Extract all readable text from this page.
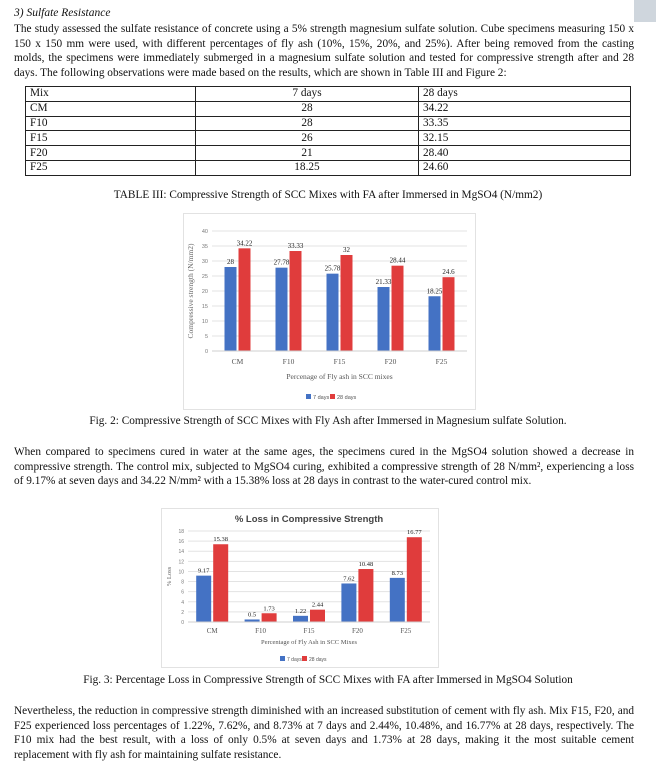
3) Sulfate Resistance
The study assessed the sulfate resistance of concrete using a 5% strength magnesium sulfate solution. Cube specimens measuring 150 x 150 x 150 mm were used, with different percentages of fly ash (10%, 15%, 20%, and 25%). After being removed from the casting molds, the specimens were immediately submerged in a magnesium sulfate solution and tested for compressive strength after and 28 days. The following observations were made based on the results, which are shown in Table III and Figure 2:
Mix	7 days	28 days
CM	28	34.22
F10	28	33.35
F15	26	32.15
F20	21	28.40
F25	18.25	24.60
TABLE III: Compressive Strength of SCC Mixes with FA after Immersed in MgSO4 (N/mm2)
0
5
10
15
20
25
30
35
40
Compressive strength (N/mm2)	28
34.22
CM
27.78
33.33
F10
25.78
32
F15
21.33
28.44
F20
18.25
24.6
F25
Percenage of Fly ash in SCC mixes
7 days 28 days
Fig. 2: Compressive Strength of SCC Mixes with Fly Ash after Immersed in Magnesium sulfate Solution.
When compared to specimens cured in water at the same ages, the specimens cured in the MgSO4 solution showed a decrease in compressive strength. The control mix, subjected to MgSO4 curing, exhibited a compressive strength of 28 N/mm², experiencing a loss of 9.17% at seven days and 34.22 N/mm² with a 15.38% loss at 28 days in contrast to the water-cured control mix.
% Loss in Compressive Strength
0
2
4
6
8
10
12
14
16
18
% Loss	9.17
15.38
CM
0.5
1.73
F10
1.22
2.44
F15
7.62
10.48
F20
8.73
16.77
F25
Percentage of Fly Ash in SCC Mixes
7 days 28 days
Fig. 3: Percentage Loss in Compressive Strength of SCC Mixes with FA after Immersed in MgSO4 Solution
Nevertheless, the reduction in compressive strength diminished with an increased substitution of cement with fly ash. Mix F15, F20, and F25 experienced loss percentages of 1.22%, 7.62%, and 8.73% at 7 days and 2.44%, 10.48%, and 16.77% at 28 days, respectively. The F10 mix had the best result, with a loss of only 0.5% at seven days and 1.73% at 28 days, making it the most suitable cement replacement with fly ash for maintaining sulfate resistance.
